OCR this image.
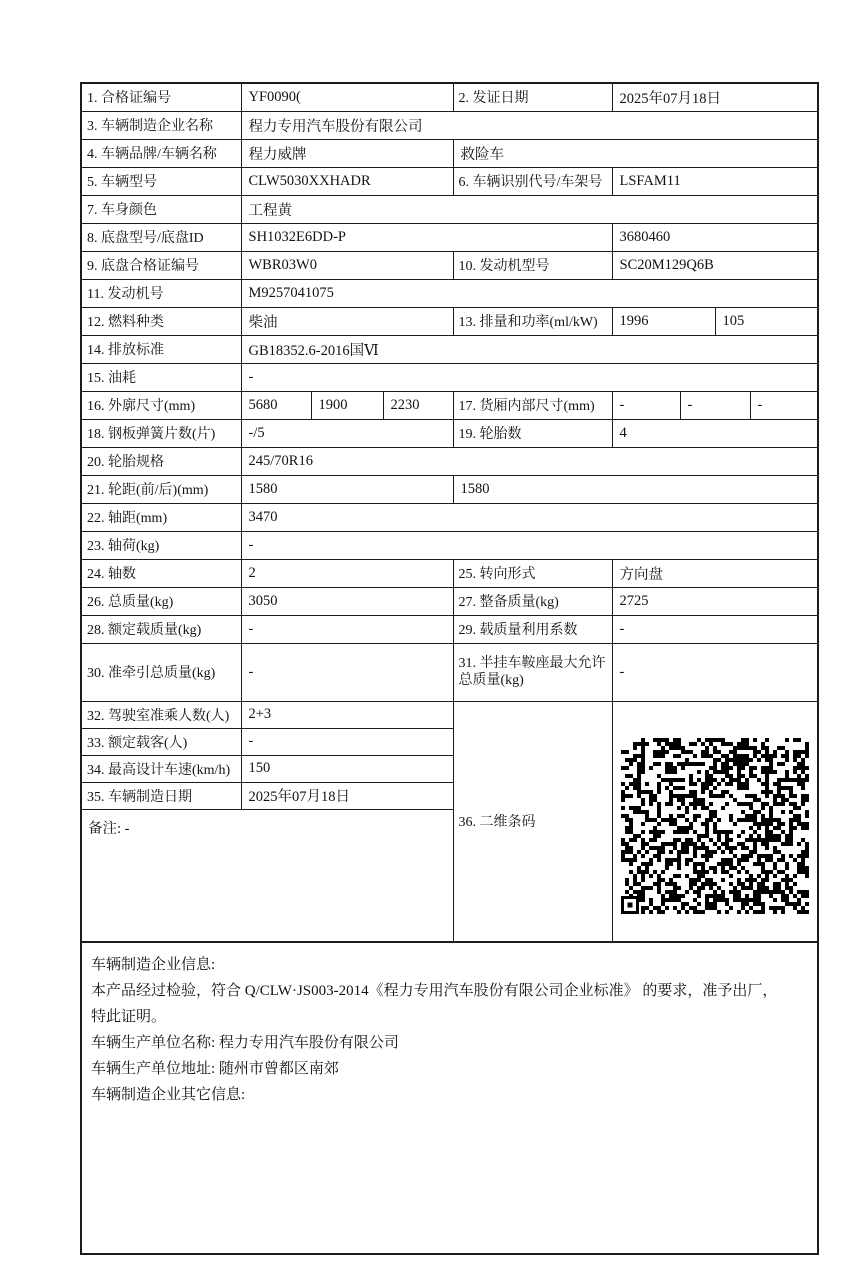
1. 合格证编号	YF0090(			2. 发证日期	2025年07月18日			
3. 车辆制造企业名称	程力专用汽车股份有限公司							
4. 车辆品牌/车辆名称	程力威牌			救险车				
5. 车辆型号	CLW5030XXHADR			6. 车辆识别代号/车架号	LSFAM11			
7. 车身颜色	工程黄							
8. 底盘型号/底盘ID	SH1032E6DD-P				3680460			
9. 底盘合格证编号	WBR03W0			10. 发动机型号	SC20M129Q6B			
11. 发动机号	M9257041075							
12. 燃料种类	柴油			13. 排量和功率(ml/kW)	1996		105	
14. 排放标准	GB18352.6-2016国Ⅵ							
15. 油耗	-							
16. 外廓尺寸(mm)	5680	1900	2230	17. 货厢内部尺寸(mm)	-	-		-
18. 钢板弹簧片数(片)	-/5			19. 轮胎数	4			
20. 轮胎规格	245/70R16							
21. 轮距(前/后)(mm)	1580			1580				
22. 轴距(mm)	3470							
23. 轴荷(kg)	-							
24. 轴数	2			25. 转向形式	方向盘			
26. 总质量(kg)	3050			27. 整备质量(kg)	2725			
28. 额定载质量(kg)	-			29. 载质量利用系数	-			
30. 准牵引总质量(kg)	-			31. 半挂车鞍座最大允许总质量(kg)	-			
32. 驾驶室准乘人数(人)	2+3			36. 二维条码	

33. 额定载客(人)	-							
34. 最高设计车速(km/h)	150							
35. 车辆制造日期	2025年07月18日							
备注: -								

车辆制造企业信息:
本产品经过检验，符合 Q/CLW·JS003-2014《程力专用汽车股份有限公司企业标准》 的要求，准予出厂，
特此证明。
车辆生产单位名称: 程力专用汽车股份有限公司
车辆生产单位地址: 随州市曾都区南郊
车辆制造企业其它信息:
